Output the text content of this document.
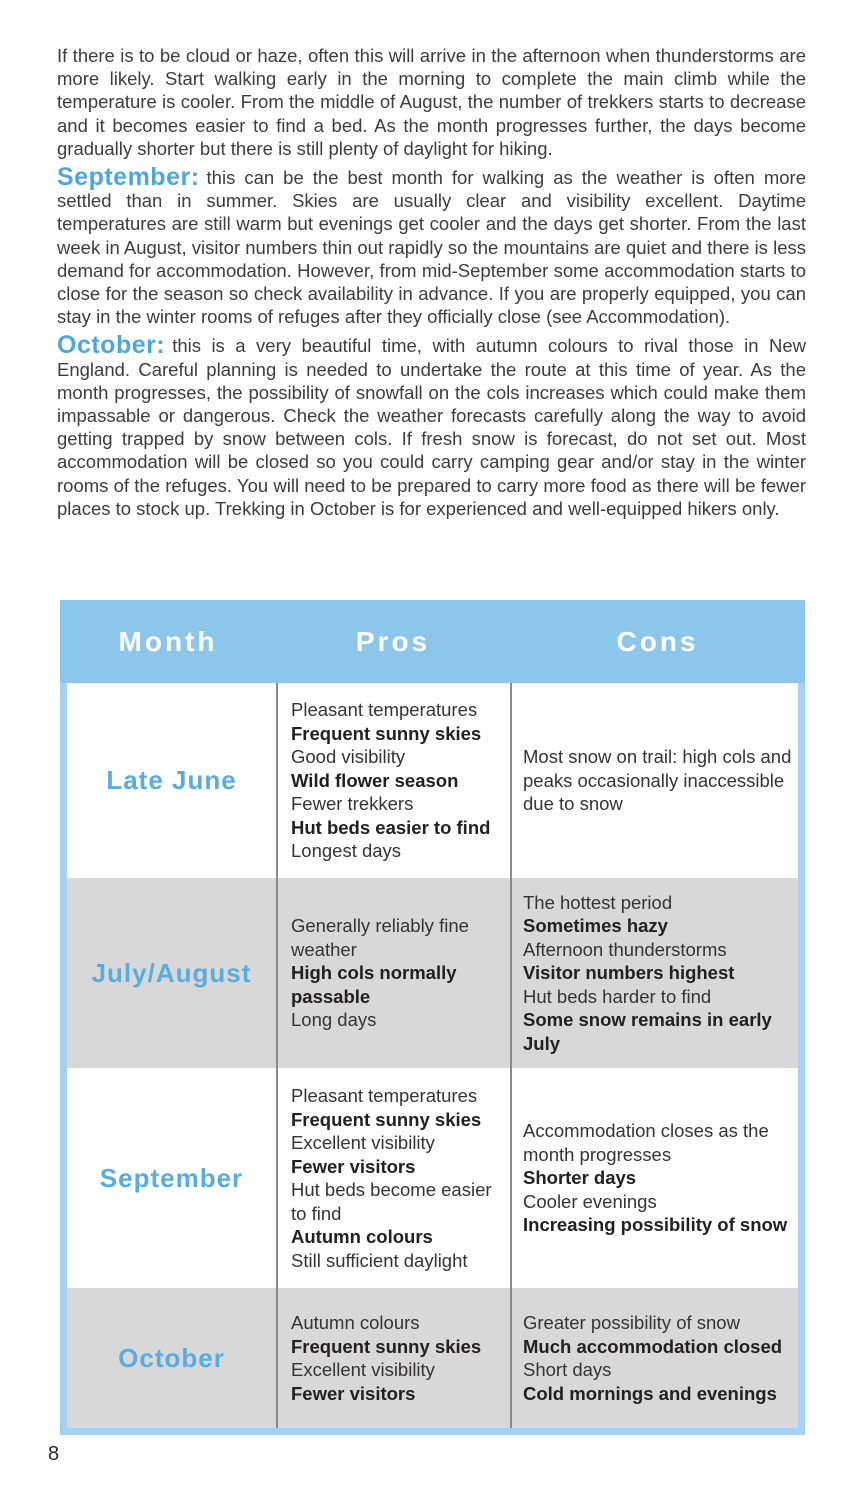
If there is to be cloud or haze, often this will arrive in the afternoon when thunderstorms are more likely. Start walking early in the morning to complete the main climb while the temperature is cooler. From the middle of August, the number of trekkers starts to decrease and it becomes easier to find a bed. As the month progresses further, the days become gradually shorter but there is still plenty of daylight for hiking.

September: this can be the best month for walking as the weather is often more settled than in summer. Skies are usually clear and visibility excellent. Daytime temperatures are still warm but evenings get cooler and the days get shorter. From the last week in August, visitor numbers thin out rapidly so the mountains are quiet and there is less demand for accommodation. However, from mid-September some accommodation starts to close for the season so check availability in advance. If you are properly equipped, you can stay in the winter rooms of refuges after they officially close (see Accommodation).

October: this is a very beautiful time, with autumn colours to rival those in New England. Careful planning is needed to undertake the route at this time of year. As the month progresses, the possibility of snowfall on the cols increases which could make them impassable or dangerous. Check the weather forecasts carefully along the way to avoid getting trapped by snow between cols. If fresh snow is forecast, do not set out. Most accommodation will be closed so you could carry camping gear and/or stay in the winter rooms of the refuges. You will need to be prepared to carry more food as there will be fewer places to stock up. Trekking in October is for experienced and well-equipped hikers only.

Month	Pros	Cons
Late June
Pleasant temperatures
Frequent sunny skies
Good visibility
Wild flower season
Fewer trekkers
Hut beds easier to find
Longest days
Most snow on trail: high cols and peaks occasionally inaccessible due to snow
July/August
Generally reliably fine weather
High cols normally passable
Long days
The hottest period
Sometimes hazy
Afternoon thunderstorms
Visitor numbers highest
Hut beds harder to find
Some snow remains in early July
September
Pleasant temperatures
Frequent sunny skies
Excellent visibility
Fewer visitors
Hut beds become easier to find
Autumn colours
Still sufficient daylight
Accommodation closes as the month progresses
Shorter days
Cooler evenings
Increasing possibility of snow
October
Autumn colours
Frequent sunny skies
Excellent visibility
Fewer visitors
Greater possibility of snow
Much accommodation closed
Short days
Cold mornings and evenings
8
